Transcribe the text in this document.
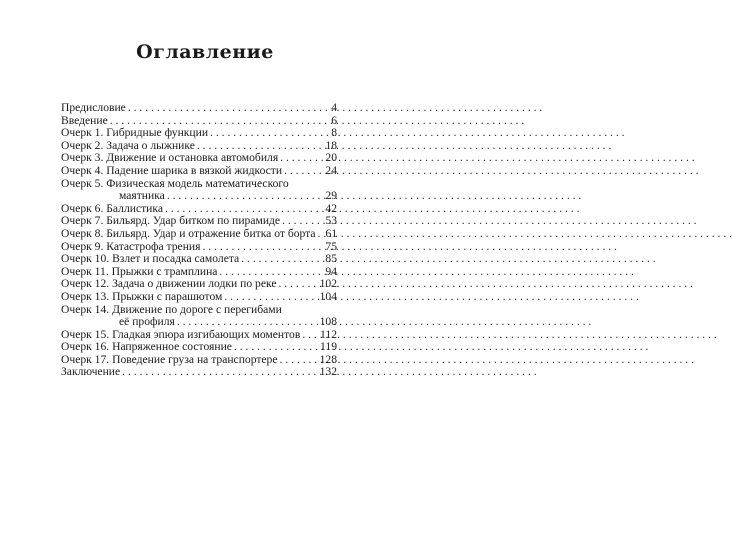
Оглавление
Предисловие . . .	4
Введение . . .	6
Очерк 1. Гибридные функции . . .	8
Очерк 2. Задача о лыжнике . . .	18
Очерк 3. Движение и остановка автомобиля . . .	20
Очерк 4. Падение шарика в вязкой жидкости . . .	24
Очерк 5. Физическая модель математического
маятника . . .	29
Очерк 6. Баллистика . . .	42
Очерк 7. Бильярд. Удар битком по пирамиде . . .	53
Очерк 8. Бильярд. Удар и отражение битка от борта . . . 61
Очерк 9. Катастрофа трения . . .	75
Очерк 10. Взлет и посадка самолета . . .	85
Очерк 11. Прыжки с трамплина . . .	94
Очерк 12. Задача о движении лодки по реке . . .	102
Очерк 13. Прыжки с парашютом . . .	104
Очерк 14. Движение по дороге с перегибами
её профиля . . .	108
Очерк 15. Гладкая эпюра изгибающих моментов . . . 112
Очерк 16. Напряженное состояние . . .	119
Очерк 17. Поведение груза на транспортере . . .	128
Заключение . . .	132
